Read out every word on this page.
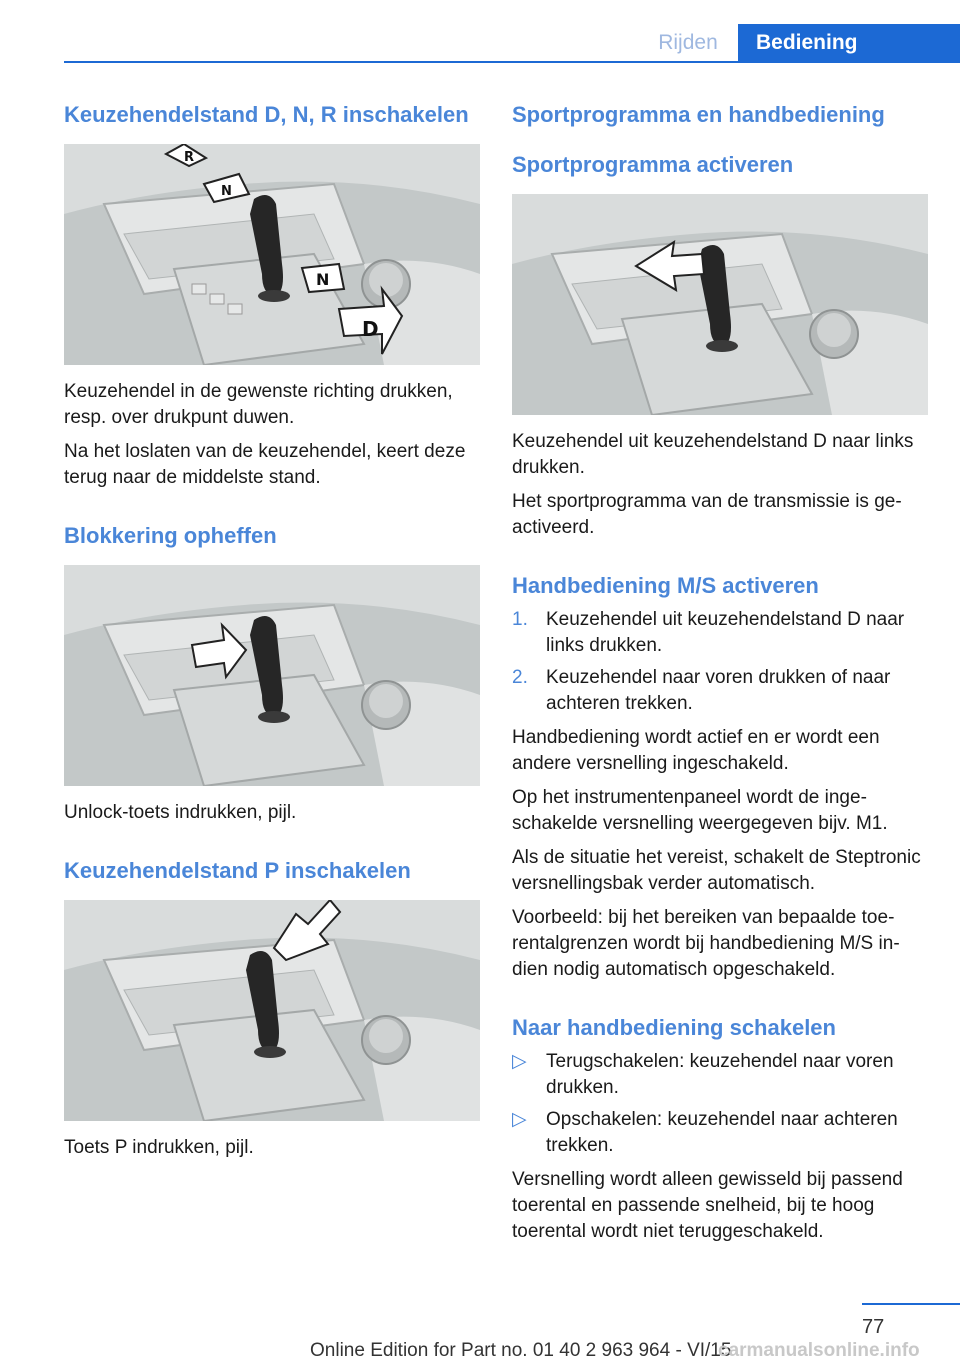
Rijden	Bediening
Keuzehendelstand D, N, R inschakelen
R
N
N
D

Keuzehendel in de gewenste richting drukken, resp. over drukpunt duwen.

Na het loslaten van de keuzehendel, keert deze terug naar de middelste stand.

Blokkering opheffen

Unlock-toets indrukken, pijl.

Keuzehendelstand P inschakelen

Toets P indrukken, pijl.

Sportprogramma en handbediening
Sportprogramma activeren

Keuzehendel uit keuzehendelstand D naar links drukken.

Het sportprogramma van de transmissie is geactiveerd.

Handbediening M/S activeren
1. Keuzehendel uit keuzehendelstand D naar links drukken.
2. Keuzehendel naar voren drukken of naar achteren trekken.

Handbediening wordt actief en er wordt een andere versnelling ingeschakeld.

Op het instrumentenpaneel wordt de ingeschakelde versnelling weergegeven bijv. M1.

Als de situatie het vereist, schakelt de Steptronic versnellingsbak verder automatisch.

Voorbeeld: bij het bereiken van bepaalde toerentalgrenzen wordt bij handbediening M/S indien nodig automatisch opgeschakeld.

Naar handbediening schakelen
▷ Terugschakelen: keuzehendel naar voren drukken.
▷ Opschakelen: keuzehendel naar achteren trekken.

Versnelling wordt alleen gewisseld bij passend toerental en passende snelheid, bij te hoog toerental wordt niet teruggeschakeld.

77
Online Edition for Part no. 01 40 2 963 964 - VI/15
carmanualsonline.info
